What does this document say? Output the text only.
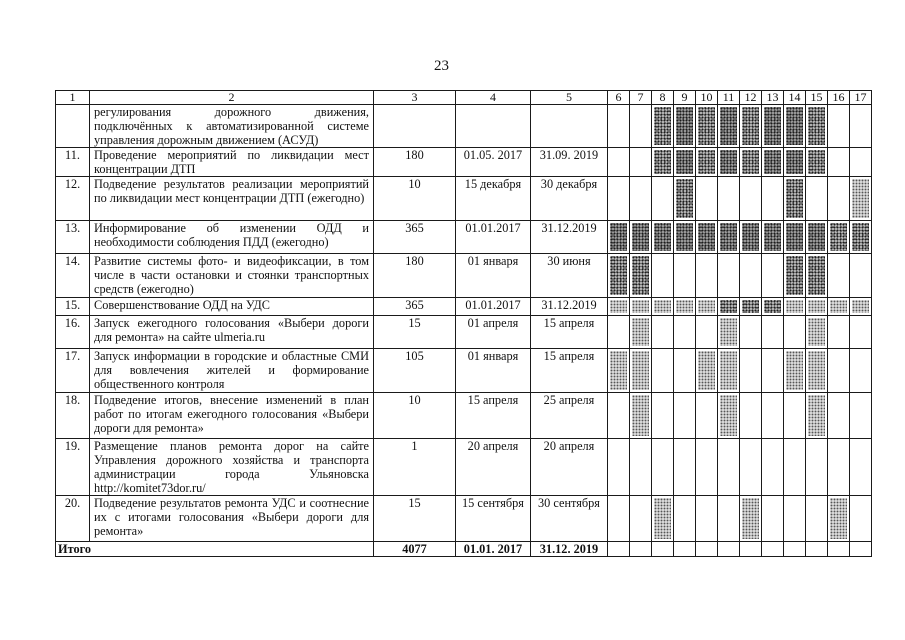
23
1	2	3	4	5	6	7	8	9	10	11	12	13	14	15	16	17
	регулирования дорожного движения, подключённых к автоматизированной системе управления дорожным движением (АСУД)						

11.	Проведение мероприятий по ликвидации мест концентрации ДТП	180	01.05. 2017	31.09. 2019			

12.	Подведение результатов реализации мероприятий по ликвидации мест концентрации ДТП (ежегодно)	10	15 декабря	30 декабря				

13.	Информирование об изменении ОДД и необходимости соблюдения ПДД (ежегодно)	365	01.01.2017	31.12.2019	

14.	Развитие системы фото- и видеофиксации, в том числе в части остановки и стоянки транспортных средств (ежегодно)	180	01 января	30 июня	

15.	Совершенствование ОДД на УДС	365	01.01.2017	31.12.2019	

16.	Запуск ежегодного голосования «Выбери дороги для ремонта» на сайте ulmeria.ru	15	01 апреля	15 апреля		

17.	Запуск информации в городские и областные СМИ для вовлечения жителей и формирование общественного контроля	105	01 января	15 апреля	

18.	Подведение итогов, внесение изменений в план работ по итогам ежегодного голосования «Выбери дороги для ремонта»	10	15 апреля	25 апреля		

19.	Размещение планов ремонта дорог на сайте Управления дорожного хозяйства и транспорта администрации города Ульяновска http://komitet73dor.ru/	1	20 апреля	20 апреля												
20.	Подведение результатов ремонта УДС и соотнесние их с итогами голосования «Выбери дороги для ремонта»	15	15 сентября	30 сентября			

Итого		4077	01.01. 2017	31.12. 2019												
